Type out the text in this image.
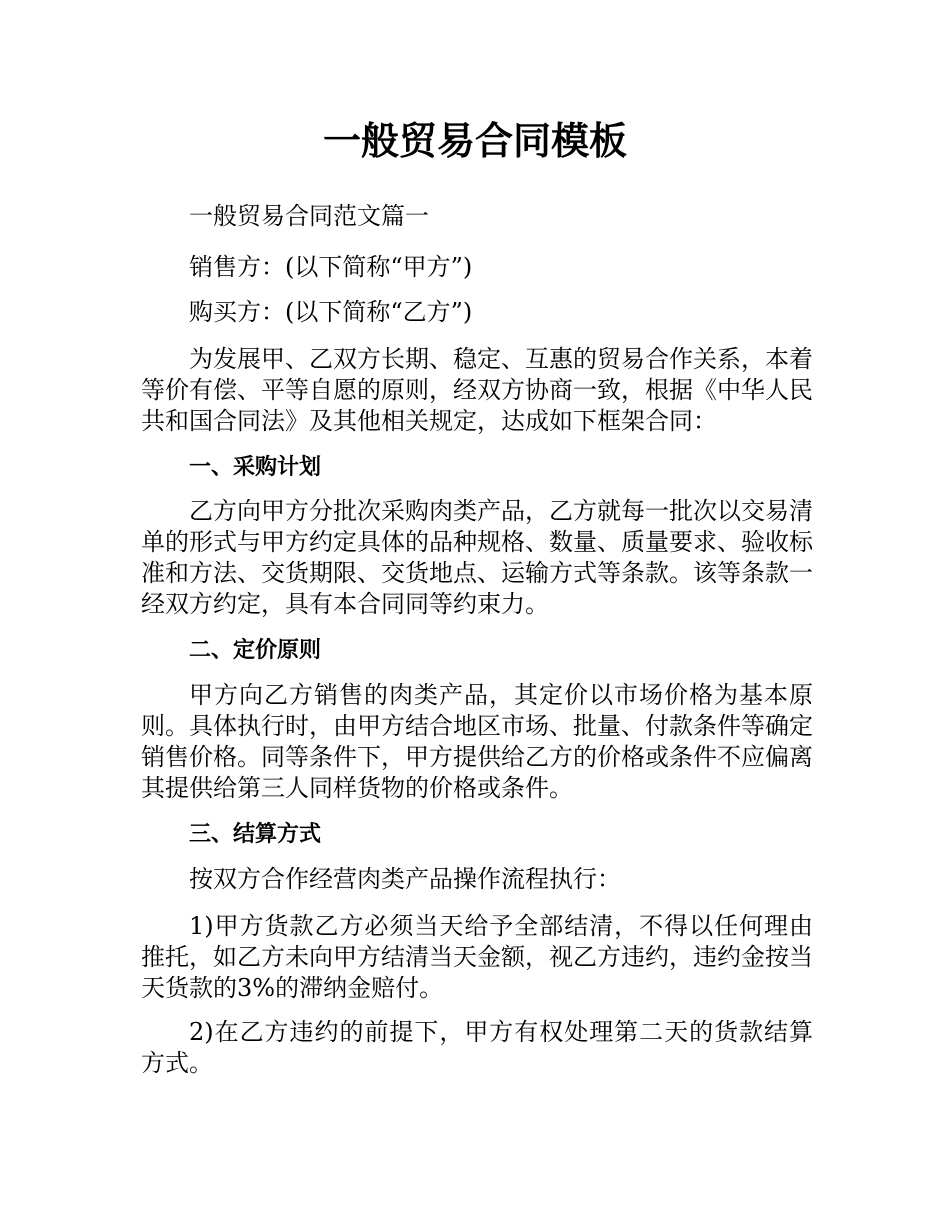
一般贸易合同模板

一般贸易合同范文篇一

销售方：(以下简称“甲方”)

购买方：(以下简称“乙方”)

为发展甲、乙双方长期、稳定、互惠的贸易合作关系，本着等价有偿、平等自愿的原则，经双方协商一致，根据《中华人民共和国合同法》及其他相关规定，达成如下框架合同：

一、采购计划

乙方向甲方分批次采购肉类产品，乙方就每一批次以交易清单的形式与甲方约定具体的品种规格、数量、质量要求、验收标准和方法、交货期限、交货地点、运输方式等条款。该等条款一经双方约定，具有本合同同等约束力。

二、定价原则

甲方向乙方销售的肉类产品，其定价以市场价格为基本原则。具体执行时，由甲方结合地区市场、批量、付款条件等确定销售价格。同等条件下，甲方提供给乙方的价格或条件不应偏离其提供给第三人同样货物的价格或条件。

三、结算方式

按双方合作经营肉类产品操作流程执行：

1)甲方货款乙方必须当天给予全部结清，不得以任何理由推托，如乙方未向甲方结清当天金额，视乙方违约，违约金按当天货款的3%的滞纳金赔付。

2)在乙方违约的前提下，甲方有权处理第二天的货款结算方式。
